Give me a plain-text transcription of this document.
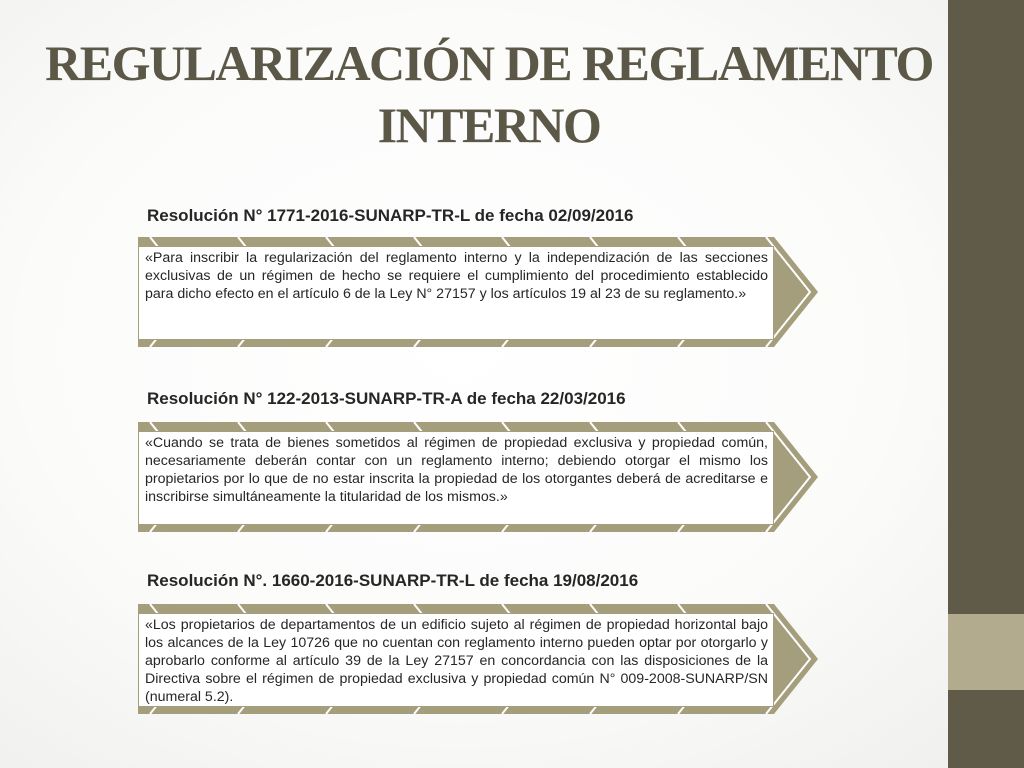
REGULARIZACIÓN DE REGLAMENTO
INTERNO

Resolución N° 1771-2016-SUNARP-TR-L de fecha 02/09/2016

«Para inscribir la regularización del reglamento interno y la independización de las secciones exclusivas de un régimen de hecho se requiere el cumplimiento del procedimiento establecido para dicho efecto en el artículo 6 de la Ley N° 27157 y los artículos 19 al 23 de su reglamento.»

Resolución N° 122-2013-SUNARP-TR-A de fecha 22/03/2016

«Cuando se trata de bienes sometidos al régimen de propiedad exclusiva y propiedad común, necesariamente deberán contar con un reglamento interno; debiendo otorgar el mismo los propietarios por lo que de no estar inscrita la propiedad de los otorgantes deberá de acreditarse e inscribirse simultáneamente la titularidad de los mismos.»

Resolución N°. 1660-2016-SUNARP-TR-L de fecha 19/08/2016

«Los propietarios de departamentos de un edificio sujeto al régimen de propiedad horizontal bajo los alcances de la Ley 10726 que no cuentan con reglamento interno pueden optar por otorgarlo y aprobarlo conforme al artículo 39 de la Ley 27157 en concordancia con las disposiciones de la Directiva sobre el régimen de propiedad exclusiva y propiedad común N° 009-2008-SUNARP/SN (numeral 5.2).
